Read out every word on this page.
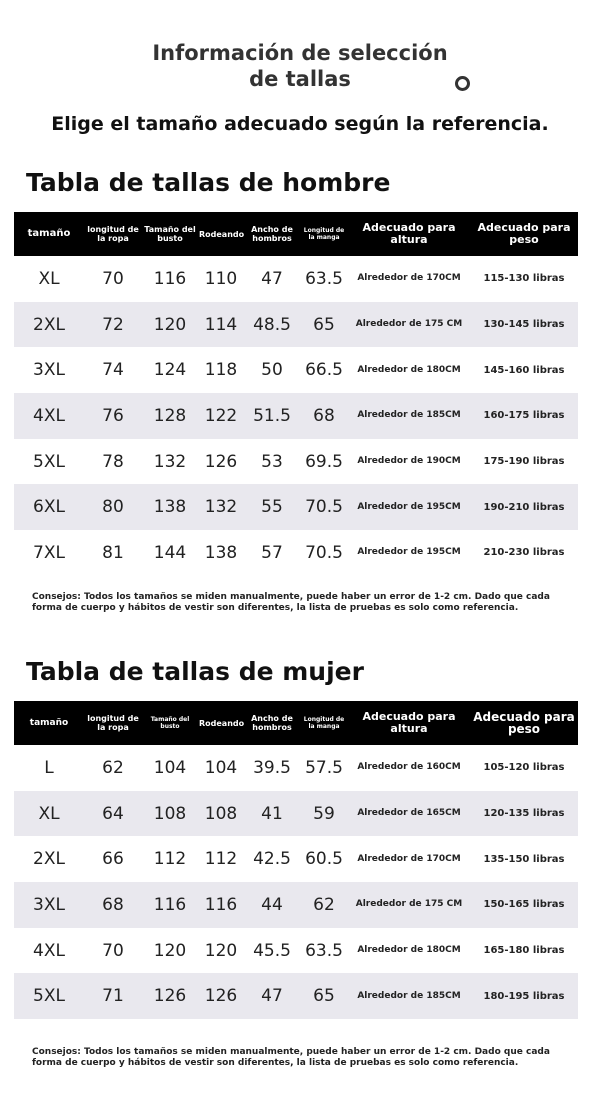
Información de selección
de tallas
Elige el tamaño adecuado según la referencia.
Tabla de tallas de hombre
tamaño	longitud de la ropa	Tamaño del busto	Rodeando	Ancho de hombros	Longitud de la manga	Adecuado para altura	Adecuado para peso
XL	70	116	110	47	63.5	Alrededor de 170CM	115-130 libras
2XL	72	120	114	48.5	65	Alrededor de 175 CM	130-145 libras
3XL	74	124	118	50	66.5	Alrededor de 180CM	145-160 libras
4XL	76	128	122	51.5	68	Alrededor de 185CM	160-175 libras
5XL	78	132	126	53	69.5	Alrededor de 190CM	175-190 libras
6XL	80	138	132	55	70.5	Alrededor de 195CM	190-210 libras
7XL	81	144	138	57	70.5	Alrededor de 195CM	210-230 libras
Consejos: Todos los tamaños se miden manualmente, puede haber un error de 1-2 cm. Dado que cada forma de cuerpo y hábitos de vestir son diferentes, la lista de pruebas es solo como referencia.
Tabla de tallas de mujer
tamaño	longitud de la ropa	Tamaño del busto	Rodeando	Ancho de hombros	Longitud de la manga	Adecuado para altura	Adecuado para peso
L	62	104	104	39.5	57.5	Alrededor de 160CM	105-120 libras
XL	64	108	108	41	59	Alrededor de 165CM	120-135 libras
2XL	66	112	112	42.5	60.5	Alrededor de 170CM	135-150 libras
3XL	68	116	116	44	62	Alrededor de 175 CM	150-165 libras
4XL	70	120	120	45.5	63.5	Alrededor de 180CM	165-180 libras
5XL	71	126	126	47	65	Alrededor de 185CM	180-195 libras
Consejos: Todos los tamaños se miden manualmente, puede haber un error de 1-2 cm. Dado que cada forma de cuerpo y hábitos de vestir son diferentes, la lista de pruebas es solo como referencia.
